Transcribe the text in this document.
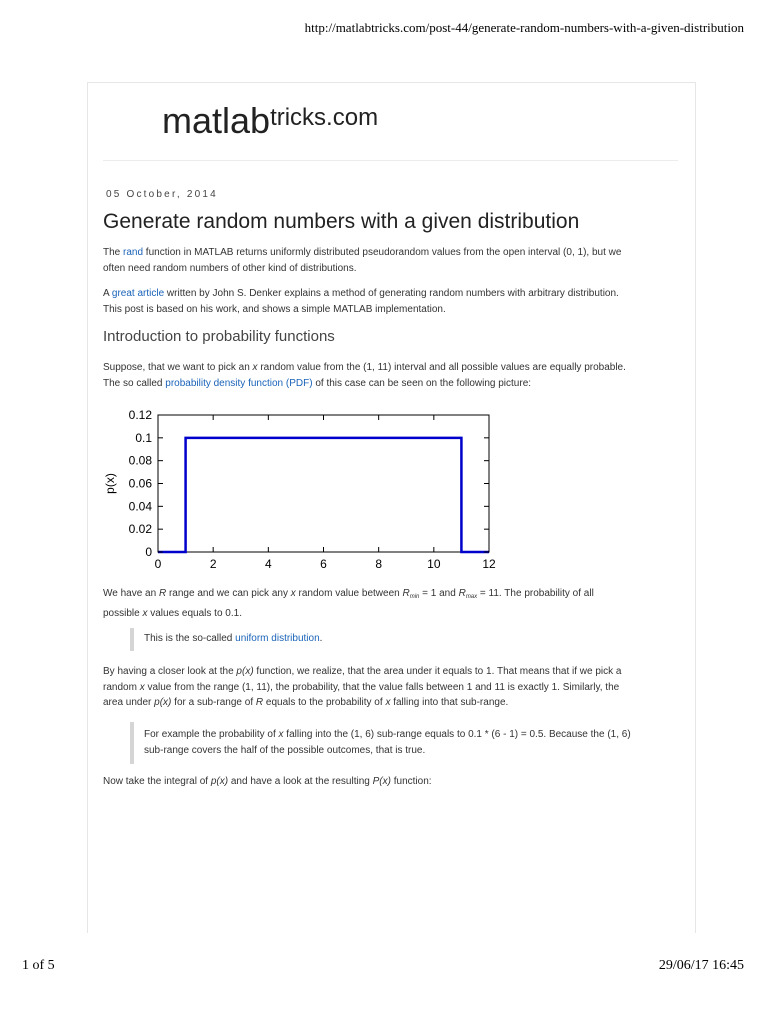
http://matlabtricks.com/post-44/generate-random-numbers-with-a-given-distribution
matlab$^{tricks.com}$
05 October, 2014
Generate random numbers with a given distribution

The rand function in MATLAB returns uniformly distributed pseudorandom values from the open interval (0, 1), but we
often need random numbers of other kind of distributions.

A great article written by John S. Denker explains a method of generating random numbers with arbitrary distribution.
This post is based on his work, and shows a simple MATLAB implementation.

Introduction to probability functions

Suppose, that we want to pick an x random value from the (1, 11) interval and all possible values are equally probable.
The so called probability density function (PDF) of this case can be seen on the following picture:

0	2	4	6	8	10	12
0
0.02
0.04
0.06
0.08
0.1
0.12
p(x)

We have an R range and we can pick any x random value between $R_{min} = 1$ and $R_{max} = 11$. The probability of all
possible x values equals to 0.1.

This is the so-called uniform distribution.

By having a closer look at the p(x) function, we realize, that the area under it equals to 1. That means that if we pick a
random x value from the range (1, 11), the probability, that the value falls between 1 and 11 is exactly 1. Similarly, the
area under p(x) for a sub-range of R equals to the probability of x falling into that sub-range.

For example the probability of x falling into the (1, 6) sub-range equals to 0.1 * (6 - 1) = 0.5. Because the (1, 6)
sub-range covers the half of the possible outcomes, that is true.

Now take the integral of p(x) and have a look at the resulting P(x) function:

1 of 5	29/06/17 16:45
